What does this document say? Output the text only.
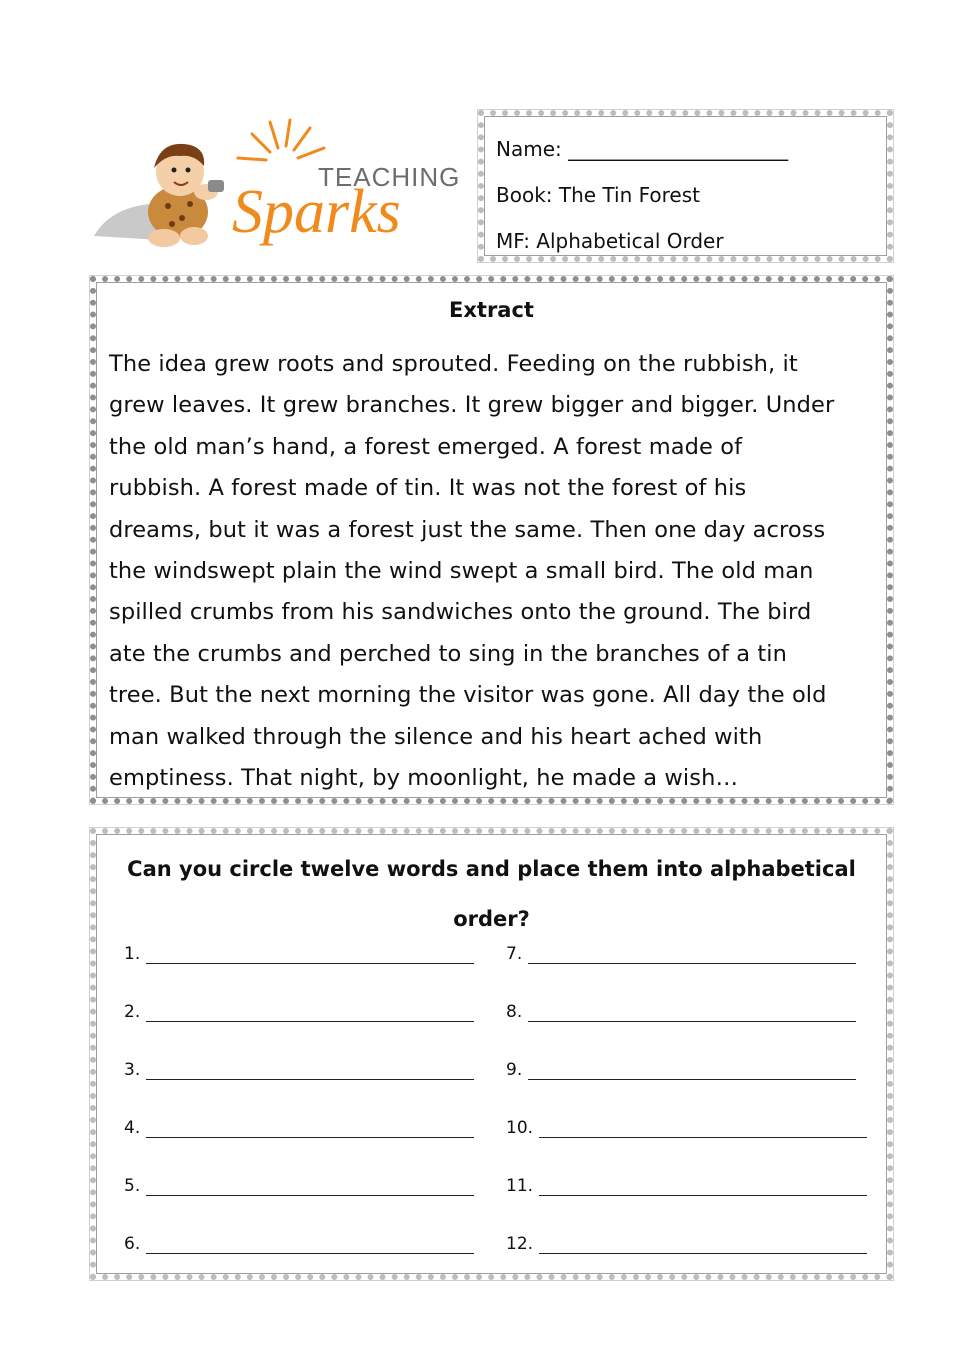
TEACHING
Sparks
Name: ______________________
Book: The Tin Forest
MF: Alphabetical Order
Extract
The idea grew roots and sprouted. Feeding on the rubbish, it
grew leaves. It grew branches. It grew bigger and bigger. Under
the old man’s hand, a forest emerged. A forest made of
rubbish. A forest made of tin. It was not the forest of his
dreams, but it was a forest just the same. Then one day across
the windswept plain the wind swept a small bird. The old man
spilled crumbs from his sandwiches onto the ground. The bird
ate the crumbs and perched to sing in the branches of a tin
tree. But the next morning the visitor was gone. All day the old
man walked through the silence and his heart ached with
emptiness. That night, by moonlight, he made a wish…
Can you circle twelve words and place them into alphabetical
order?
1.	7.
2.	8.
3.	9.
4.	10.
5.	11.
6.	12.
